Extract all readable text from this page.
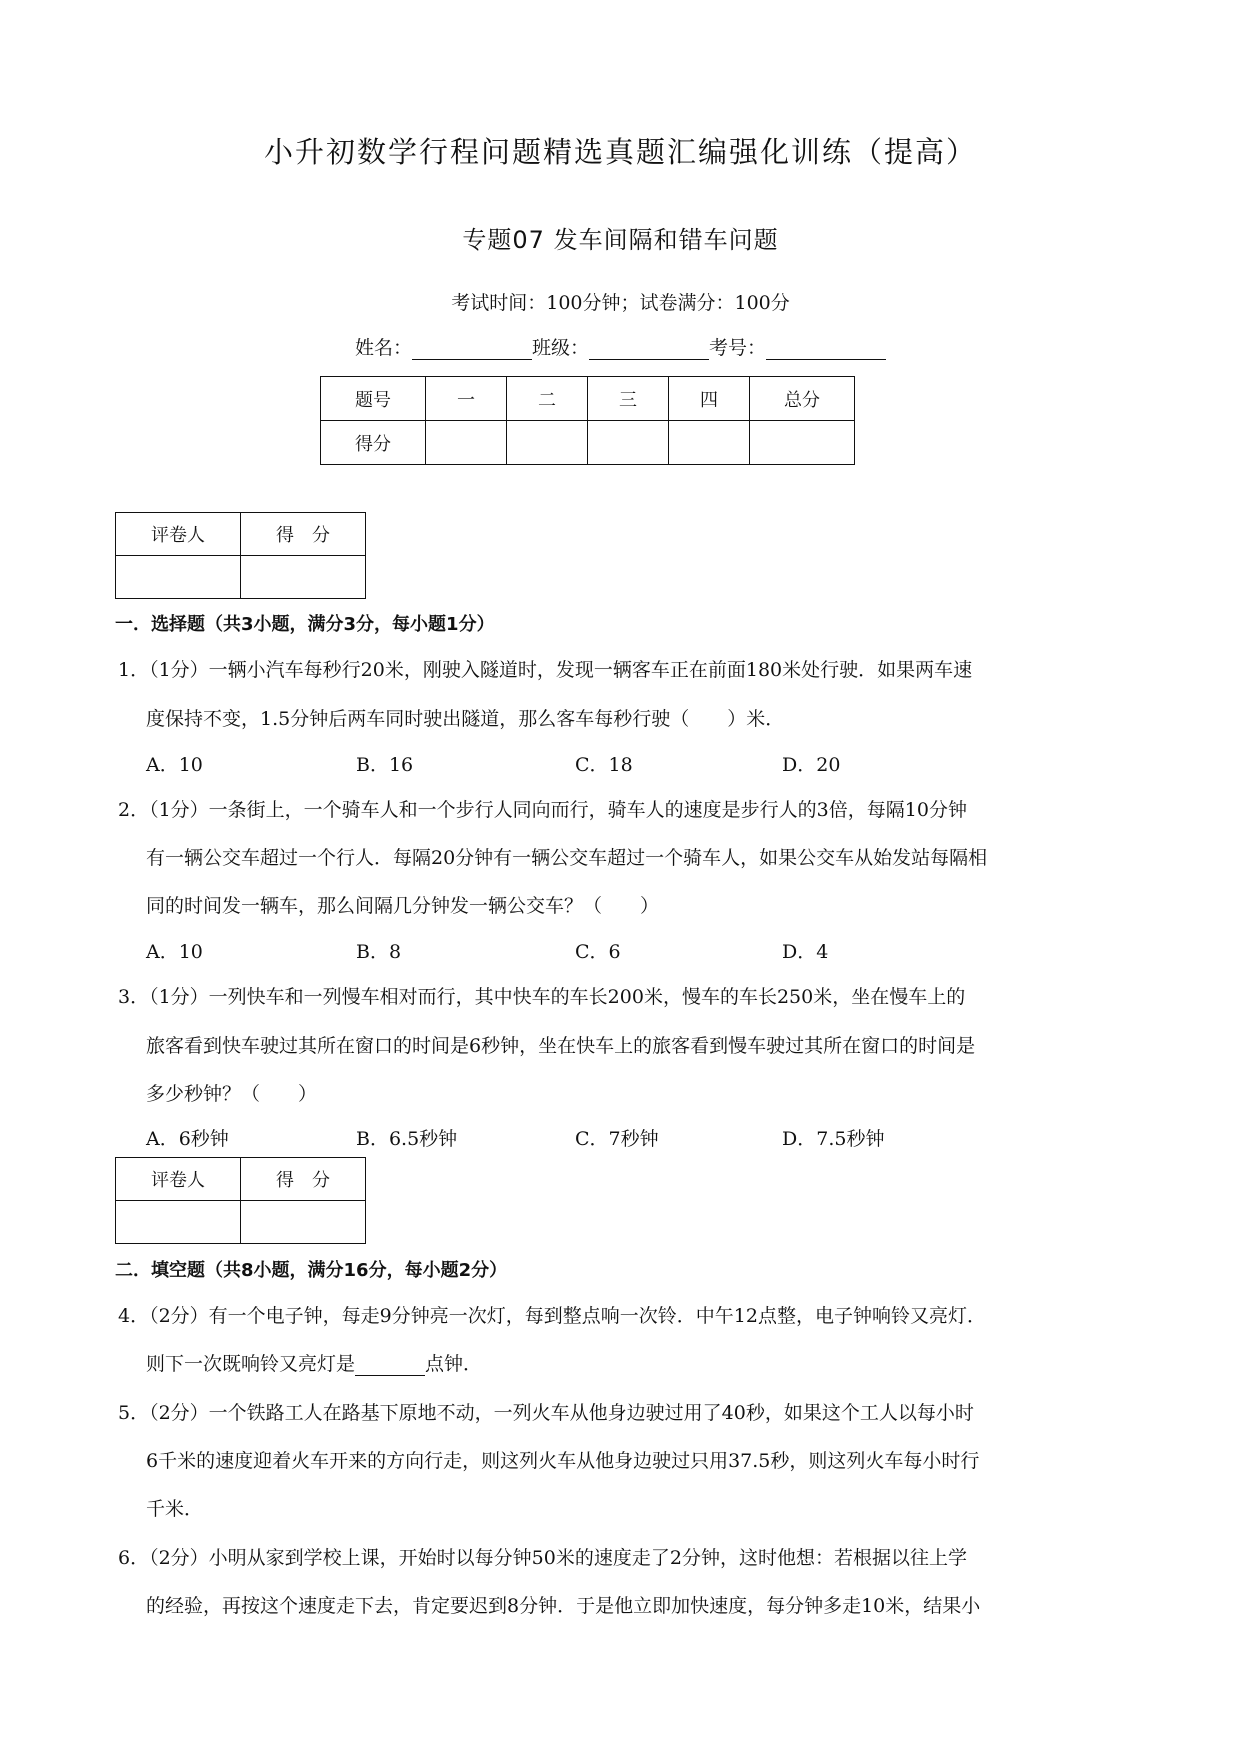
小升初数学行程问题精选真题汇编强化训练（提高）
专题07 发车间隔和错车问题
考试时间：100分钟；试卷满分：100分
姓名：	班级：	考号：
题号	一	二	三	四	总分
得分					
评卷人	得　分

一．选择题（共3小题，满分3分，每小题1分）
1．（1分）一辆小汽车每秒行20米，刚驶入隧道时，发现一辆客车正在前面180米处行驶．如果两车速
度保持不变，1.5分钟后两车同时驶出隧道，那么客车每秒行驶（　　）米．
A．10	B．16	C．18	D．20
2．（1分）一条街上，一个骑车人和一个步行人同向而行，骑车人的速度是步行人的3倍，每隔10分钟
有一辆公交车超过一个行人．每隔20分钟有一辆公交车超过一个骑车人，如果公交车从始发站每隔相
同的时间发一辆车，那么间隔几分钟发一辆公交车？（　　）
A．10	B．8	C．6	D．4
3．（1分）一列快车和一列慢车相对而行，其中快车的车长200米，慢车的车长250米，坐在慢车上的
旅客看到快车驶过其所在窗口的时间是6秒钟，坐在快车上的旅客看到慢车驶过其所在窗口的时间是
多少秒钟？（　　）
A．6秒钟	B．6.5秒钟	C．7秒钟	D．7.5秒钟
评卷人	得　分

二．填空题（共8小题，满分16分，每小题2分）
4．（2分）有一个电子钟，每走9分钟亮一次灯，每到整点响一次铃．中午12点整，电子钟响铃又亮灯．
则下一次既响铃又亮灯是	点钟．
5．（2分）一个铁路工人在路基下原地不动，一列火车从他身边驶过用了40秒，如果这个工人以每小时
6千米的速度迎着火车开来的方向行走，则这列火车从他身边驶过只用37.5秒，则这列火车每小时行
千米．
6．（2分）小明从家到学校上课，开始时以每分钟50米的速度走了2分钟，这时他想：若根据以往上学
的经验，再按这个速度走下去，肯定要迟到8分钟．于是他立即加快速度，每分钟多走10米，结果小
